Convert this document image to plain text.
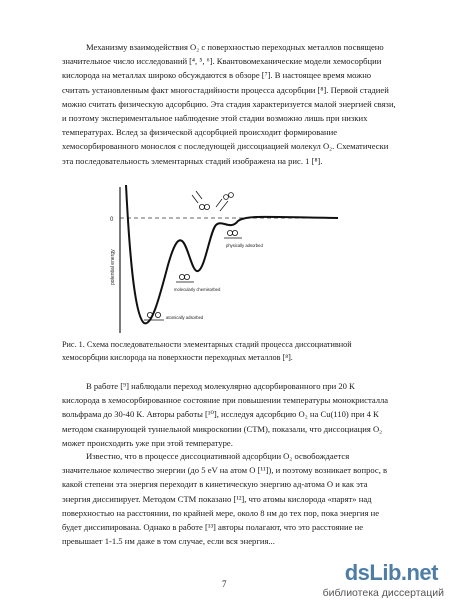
Механизму взаимодействия O₂ с поверхностью переходных металлов посвящено
значительное число исследований [⁴, ⁵, ⁶]. Квантовомеханические модели хемосорбции
кислорода на металлах широко обсуждаются в обзоре [⁷]. В настоящее время можно
считать установленным факт многостадийности процесса адсорбции [⁸]. Первой стадией
можно считать физическую адсорбцию. Эта стадия характеризуется малой энергией связи,
и поэтому экспериментальное наблюдение этой стадии возможно лишь при низких
температурах. Вслед за физической адсорбцией происходит формирование
хемосорбированного монослоя с последующей диссоциацией молекул O₂. Схематически
эта последовательность элементарных стадий изображена на рис. 1 [⁸].
0
potential energy
physically adsorbed
molecularly chemisorbed
atomically adsorbed
Рис. 1. Схема последовательности элементарных стадий процесса диссоциативной
хемосорбции кислорода на поверхности переходных металлов [⁸].
В работе [⁹] наблюдали переход молекулярно адсорбированного при 20 К
кислорода в хемосорбированное состояние при повышении температуры монокристалла
вольфрама до 30-40 К. Авторы работы [¹⁰], исследуя адсорбцию O₂ на Cu(110) при 4 К
методом сканирующей туннельной микроскопии (СТМ), показали, что диссоциация O₂
может происходить уже при этой температуре.
Известно, что в процессе диссоциативной адсорбции O₂ освобождается
значительное количество энергии (до 5 eV на атом O [¹¹]), и поэтому возникает вопрос, в
какой степени эта энергия переходит в кинетическую энергию ад-атома O и как эта
энергия диссипирует. Методом СТМ показано [¹²], что атомы кислорода «парят» над
поверхностью на расстоянии, по крайней мере, около 8 нм до тех пор, пока энергия не
будет диссипирована. Однако в работе [¹³] авторы полагают, что это расстояние не
превышает 1-1.5 нм даже в том случае, если вся энергия...
7	dsLib.net
библиотека диссертаций
